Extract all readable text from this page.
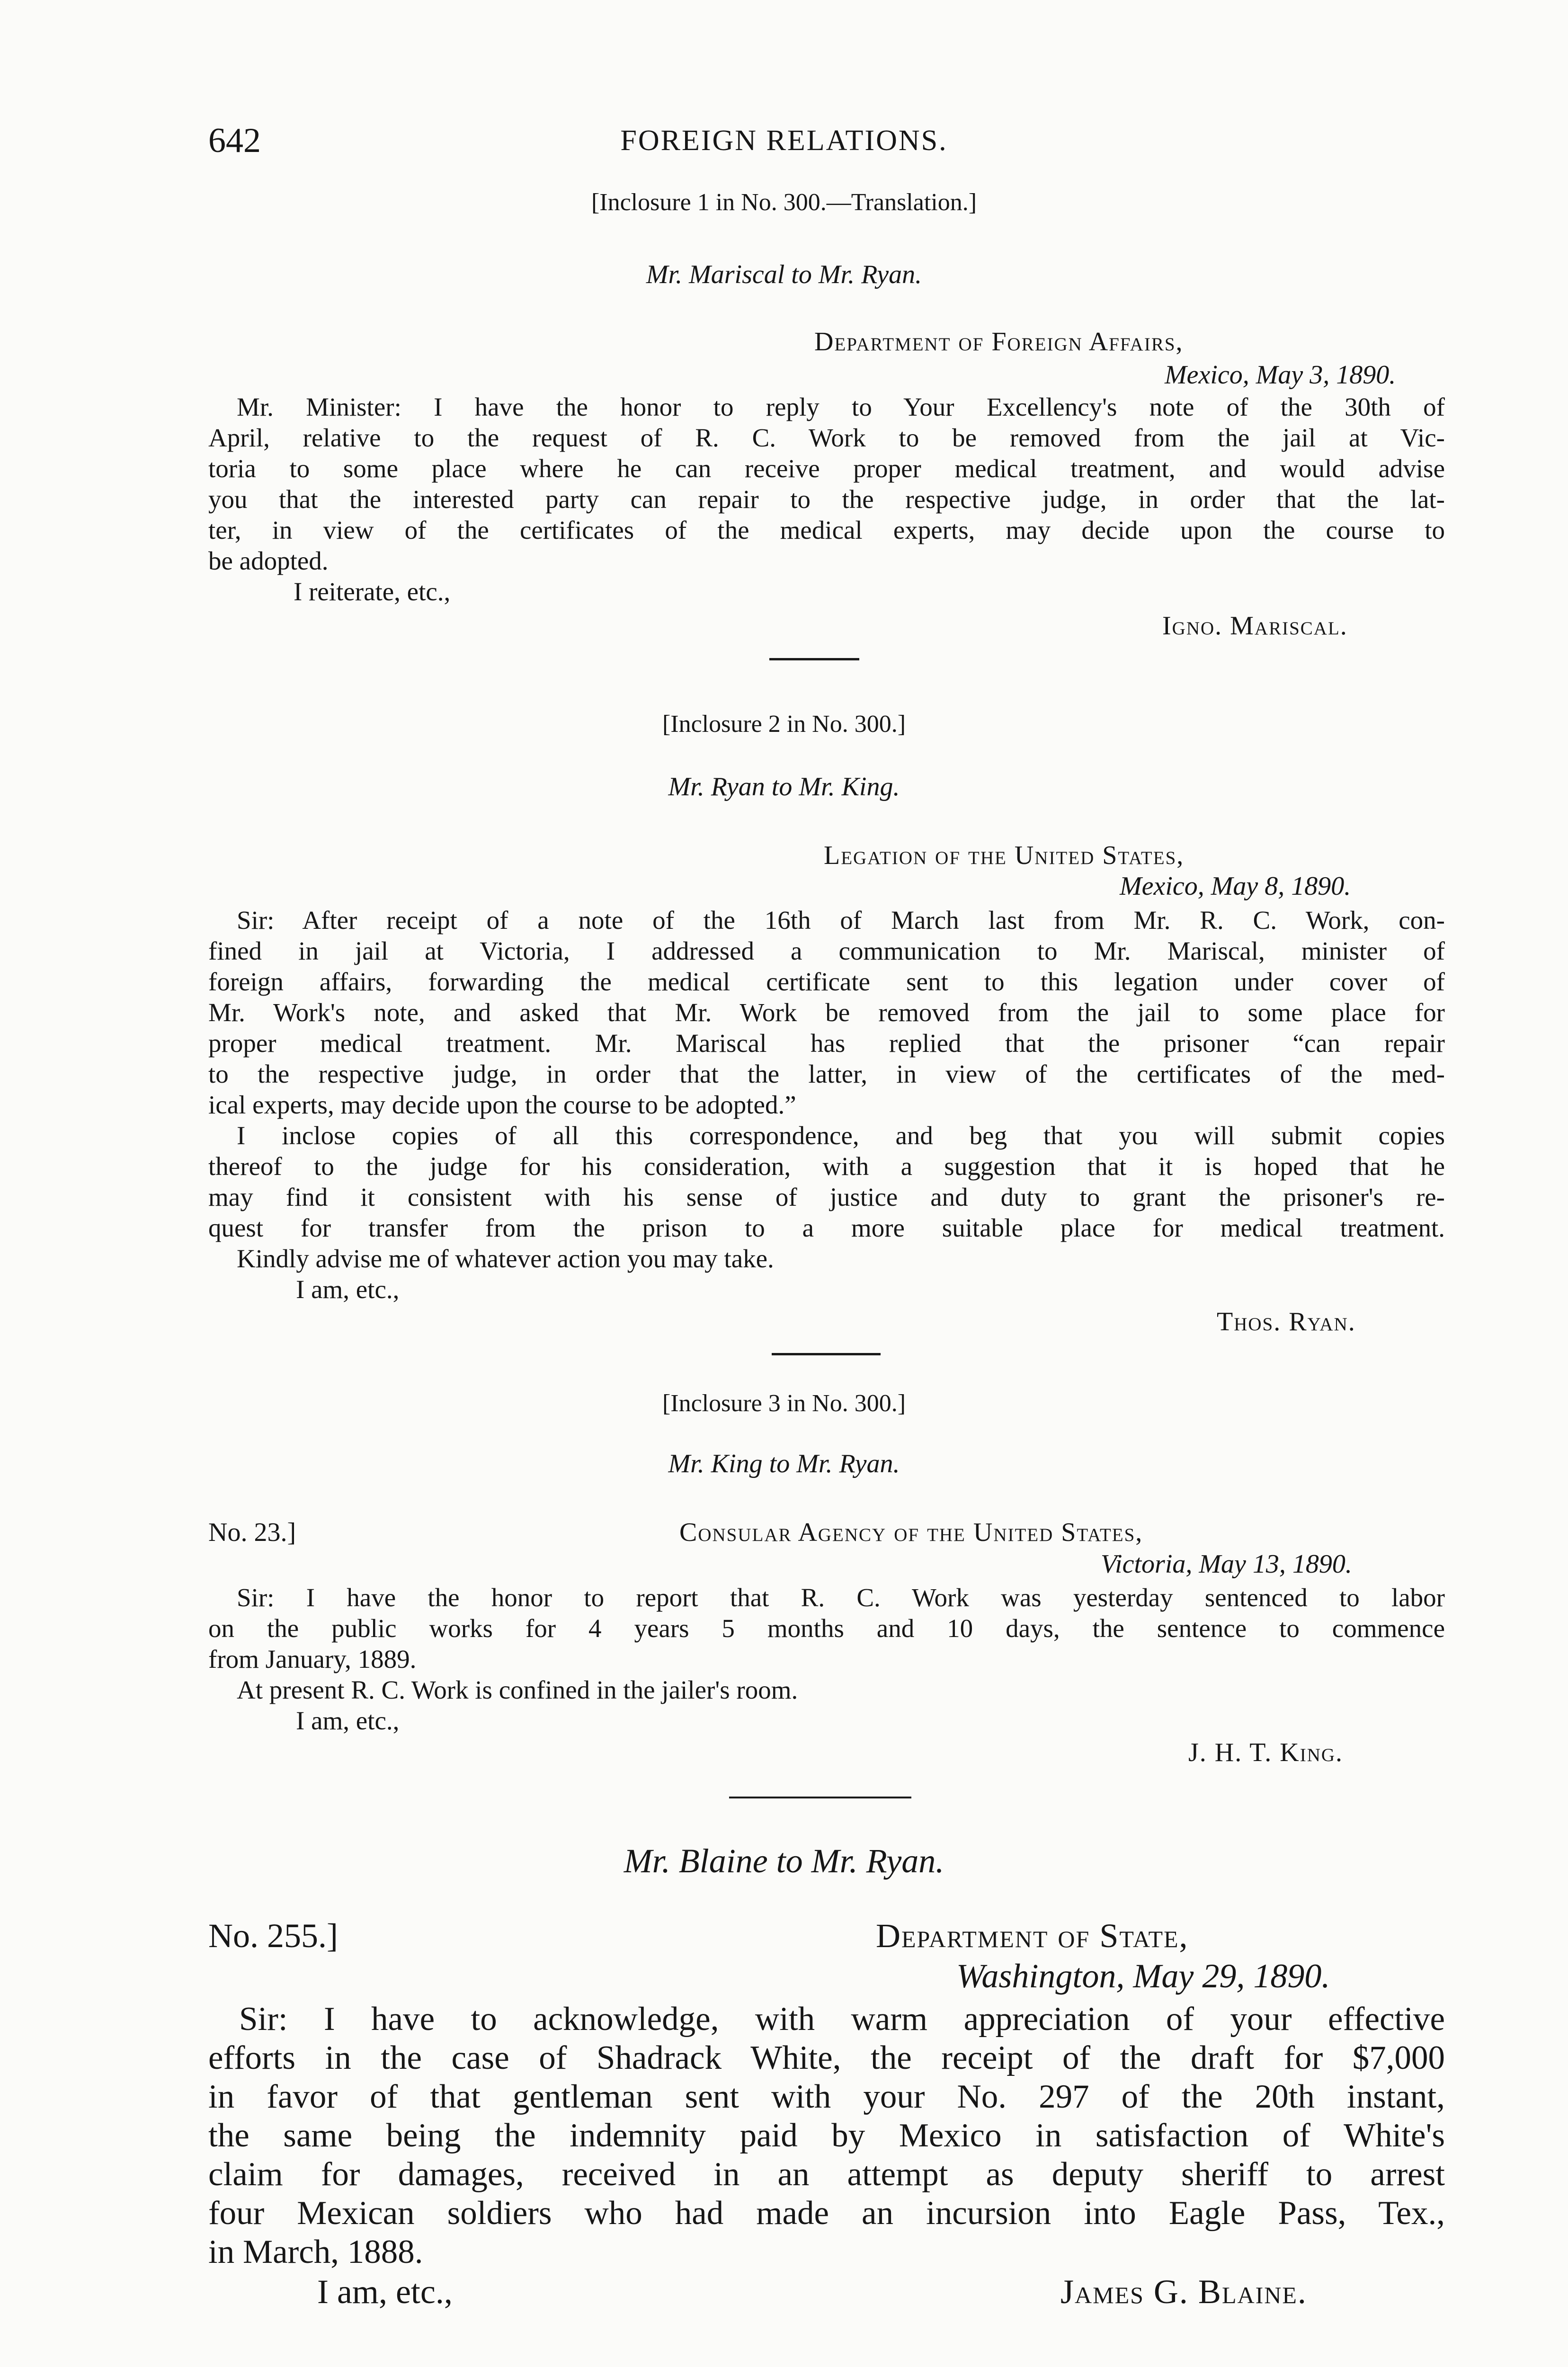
642	FOREIGN RELATIONS.
[Inclosure 1 in No. 300.—Translation.]
Mr. Mariscal to Mr. Ryan.
Department of Foreign Affairs,
Mexico, May 3, 1890.
Mr. Minister: I have the honor to reply to Your Excellency's note of the 30th of
April, relative to the request of R. C. Work to be removed from the jail at Vic-
toria to some place where he can receive proper medical treatment, and would advise
you that the interested party can repair to the respective judge, in order that the lat-
ter, in view of the certificates of the medical experts, may decide upon the course to
be adopted.
I reiterate, etc.,
Igno. Mariscal.
[Inclosure 2 in No. 300.]
Mr. Ryan to Mr. King.
Legation of the United States,
Mexico, May 8, 1890.
Sir: After receipt of a note of the 16th of March last from Mr. R. C. Work, con-
fined in jail at Victoria, I addressed a communication to Mr. Mariscal, minister of
foreign affairs, forwarding the medical certificate sent to this legation under cover of
Mr. Work's note, and asked that Mr. Work be removed from the jail to some place for
proper medical treatment. Mr. Mariscal has replied that the prisoner “can repair
to the respective judge, in order that the latter, in view of the certificates of the med-
ical experts, may decide upon the course to be adopted.”
I inclose copies of all this correspondence, and beg that you will submit copies
thereof to the judge for his consideration, with a suggestion that it is hoped that he
may find it consistent with his sense of justice and duty to grant the prisoner's re-
quest for transfer from the prison to a more suitable place for medical treatment.
Kindly advise me of whatever action you may take.
I am, etc.,
Thos. Ryan.
[Inclosure 3 in No. 300.]
Mr. King to Mr. Ryan.
No. 23.]	Consular Agency of the United States,
Victoria, May 13, 1890.
Sir: I have the honor to report that R. C. Work was yesterday sentenced to labor
on the public works for 4 years 5 months and 10 days, the sentence to commence
from January, 1889.
At present R. C. Work is confined in the jailer's room.
I am, etc.,
J. H. T. King.
Mr. Blaine to Mr. Ryan.
No. 255.]	Department of State,
Washington, May 29, 1890.
Sir: I have to acknowledge, with warm appreciation of your effective
efforts in the case of Shadrack White, the receipt of the draft for $7,000
in favor of that gentleman sent with your No. 297 of the 20th instant,
the same being the indemnity paid by Mexico in satisfaction of White's
claim for damages, received in an attempt as deputy sheriff to arrest
four Mexican soldiers who had made an incursion into Eagle Pass, Tex.,
in March, 1888.
I am, etc.,	James G. Blaine.
